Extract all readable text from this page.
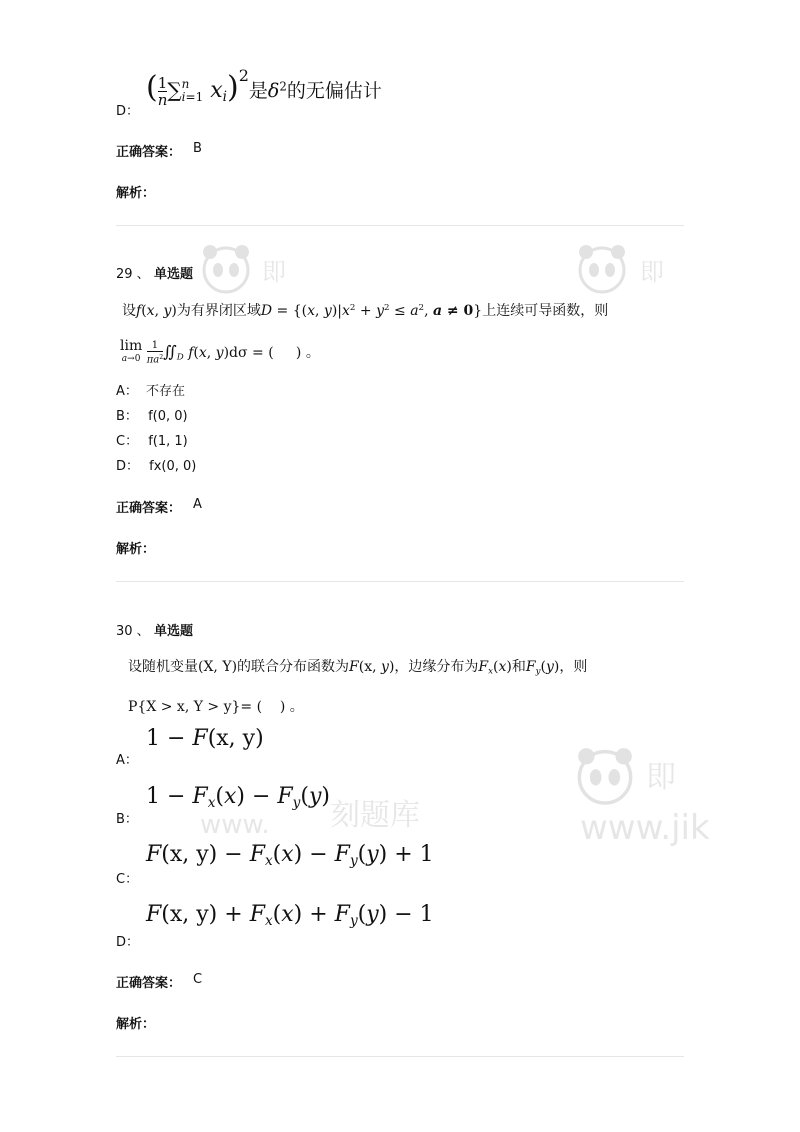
即	即
即
刻题库	www.jik
www.
D：
( $\frac{1}{n}$ ∑ n
i=1 $x_i)^2$是$\delta^2$的无偏估计
正确答案： B
解析：
29 、 单选题
设f(x, y)为有界闭区域D = {(x, $y)|x^2 + y^2 \le a^2$, a ≠ 0}上连续可导函数，则
lim
a→0
$\frac{1}{\pi a^2}$ $∬_D$ f(x, y)dσ = (     ) 。
A： 不存在
B： f(0, 0)
C： f(1, 1)
D： fx(0, 0)
正确答案： A
解析：
30 、 单选题
设随机变量(X, Y)的联合分布函数为F(x, y)，边缘分布为$F_x(x)$和$F_y(y)$，则
P{X > x, Y > y}= (    ) 。
A：
1 − F(x, y)
B：
$1 - F_x(x) - F_y(y)$
C：
F(x, $y) - F_x(x) - F_y(y) + 1$
D：
F(x, $y) + F_x(x) + F_y(y) - 1$
正确答案： C
解析：
